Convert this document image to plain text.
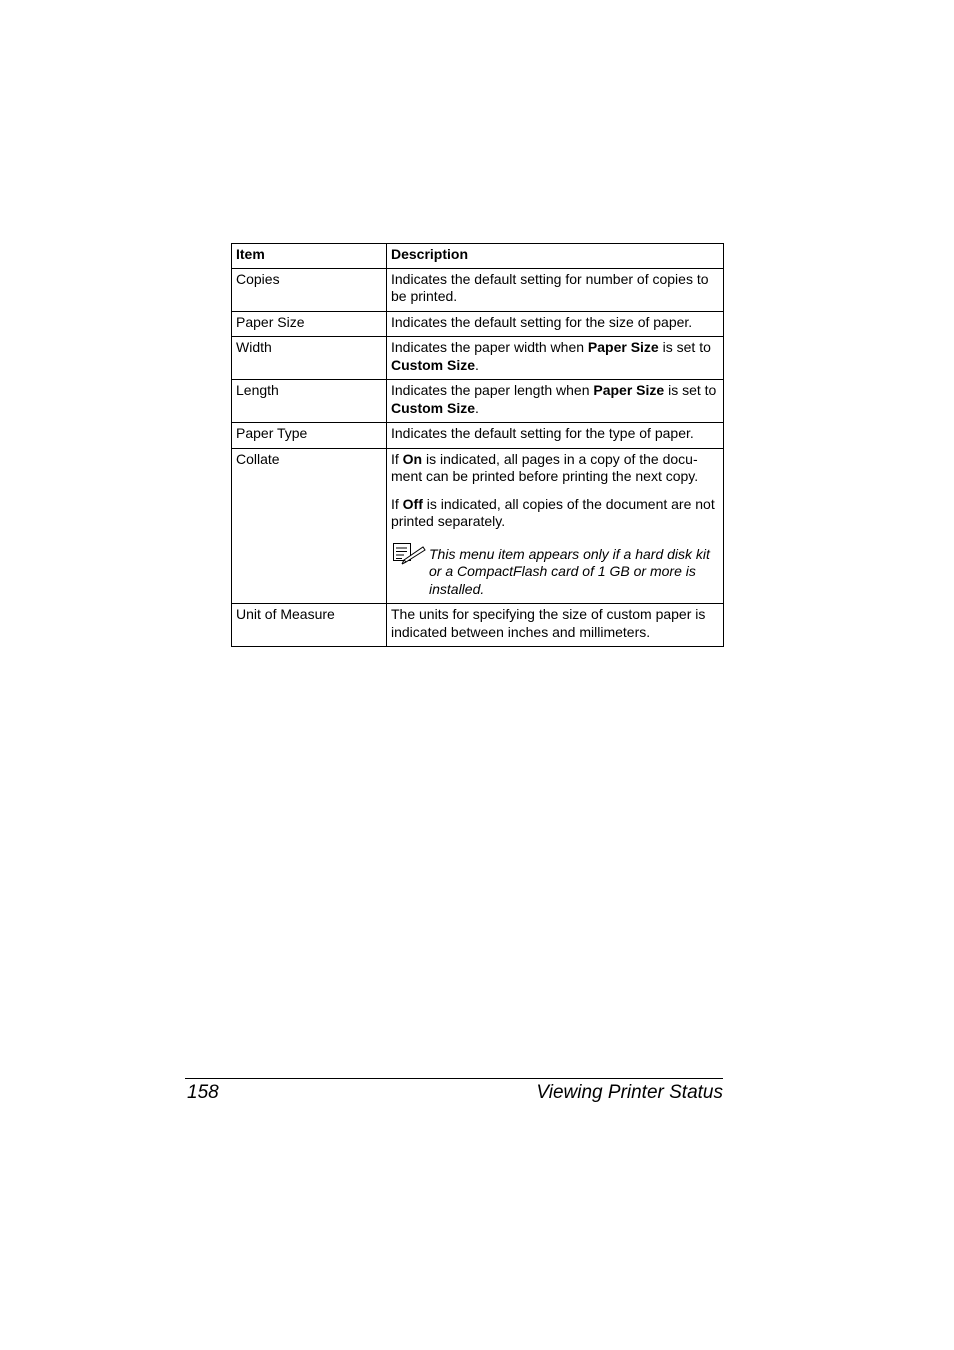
Item	Description
Copies	Indicates the default setting for number of copies to be printed.
Paper Size	Indicates the default setting for the size of paper.
Width	Indicates the paper width when Paper Size is set to Custom Size.
Length	Indicates the paper length when Paper Size is set to Custom Size.
Paper Type	Indicates the default setting for the type of paper.
Collate	If On is indicated, all pages in a copy of the docu-ment can be printed before printing the next copy.
If Off is indicated, all copies of the document are not printed separately.
This menu item appears only if a hard disk kit or a CompactFlash card of 1 GB or more is installed.

Unit of Measure	The units for specifying the size of custom paper is indicated between inches and millimeters.
158	Viewing Printer Status
